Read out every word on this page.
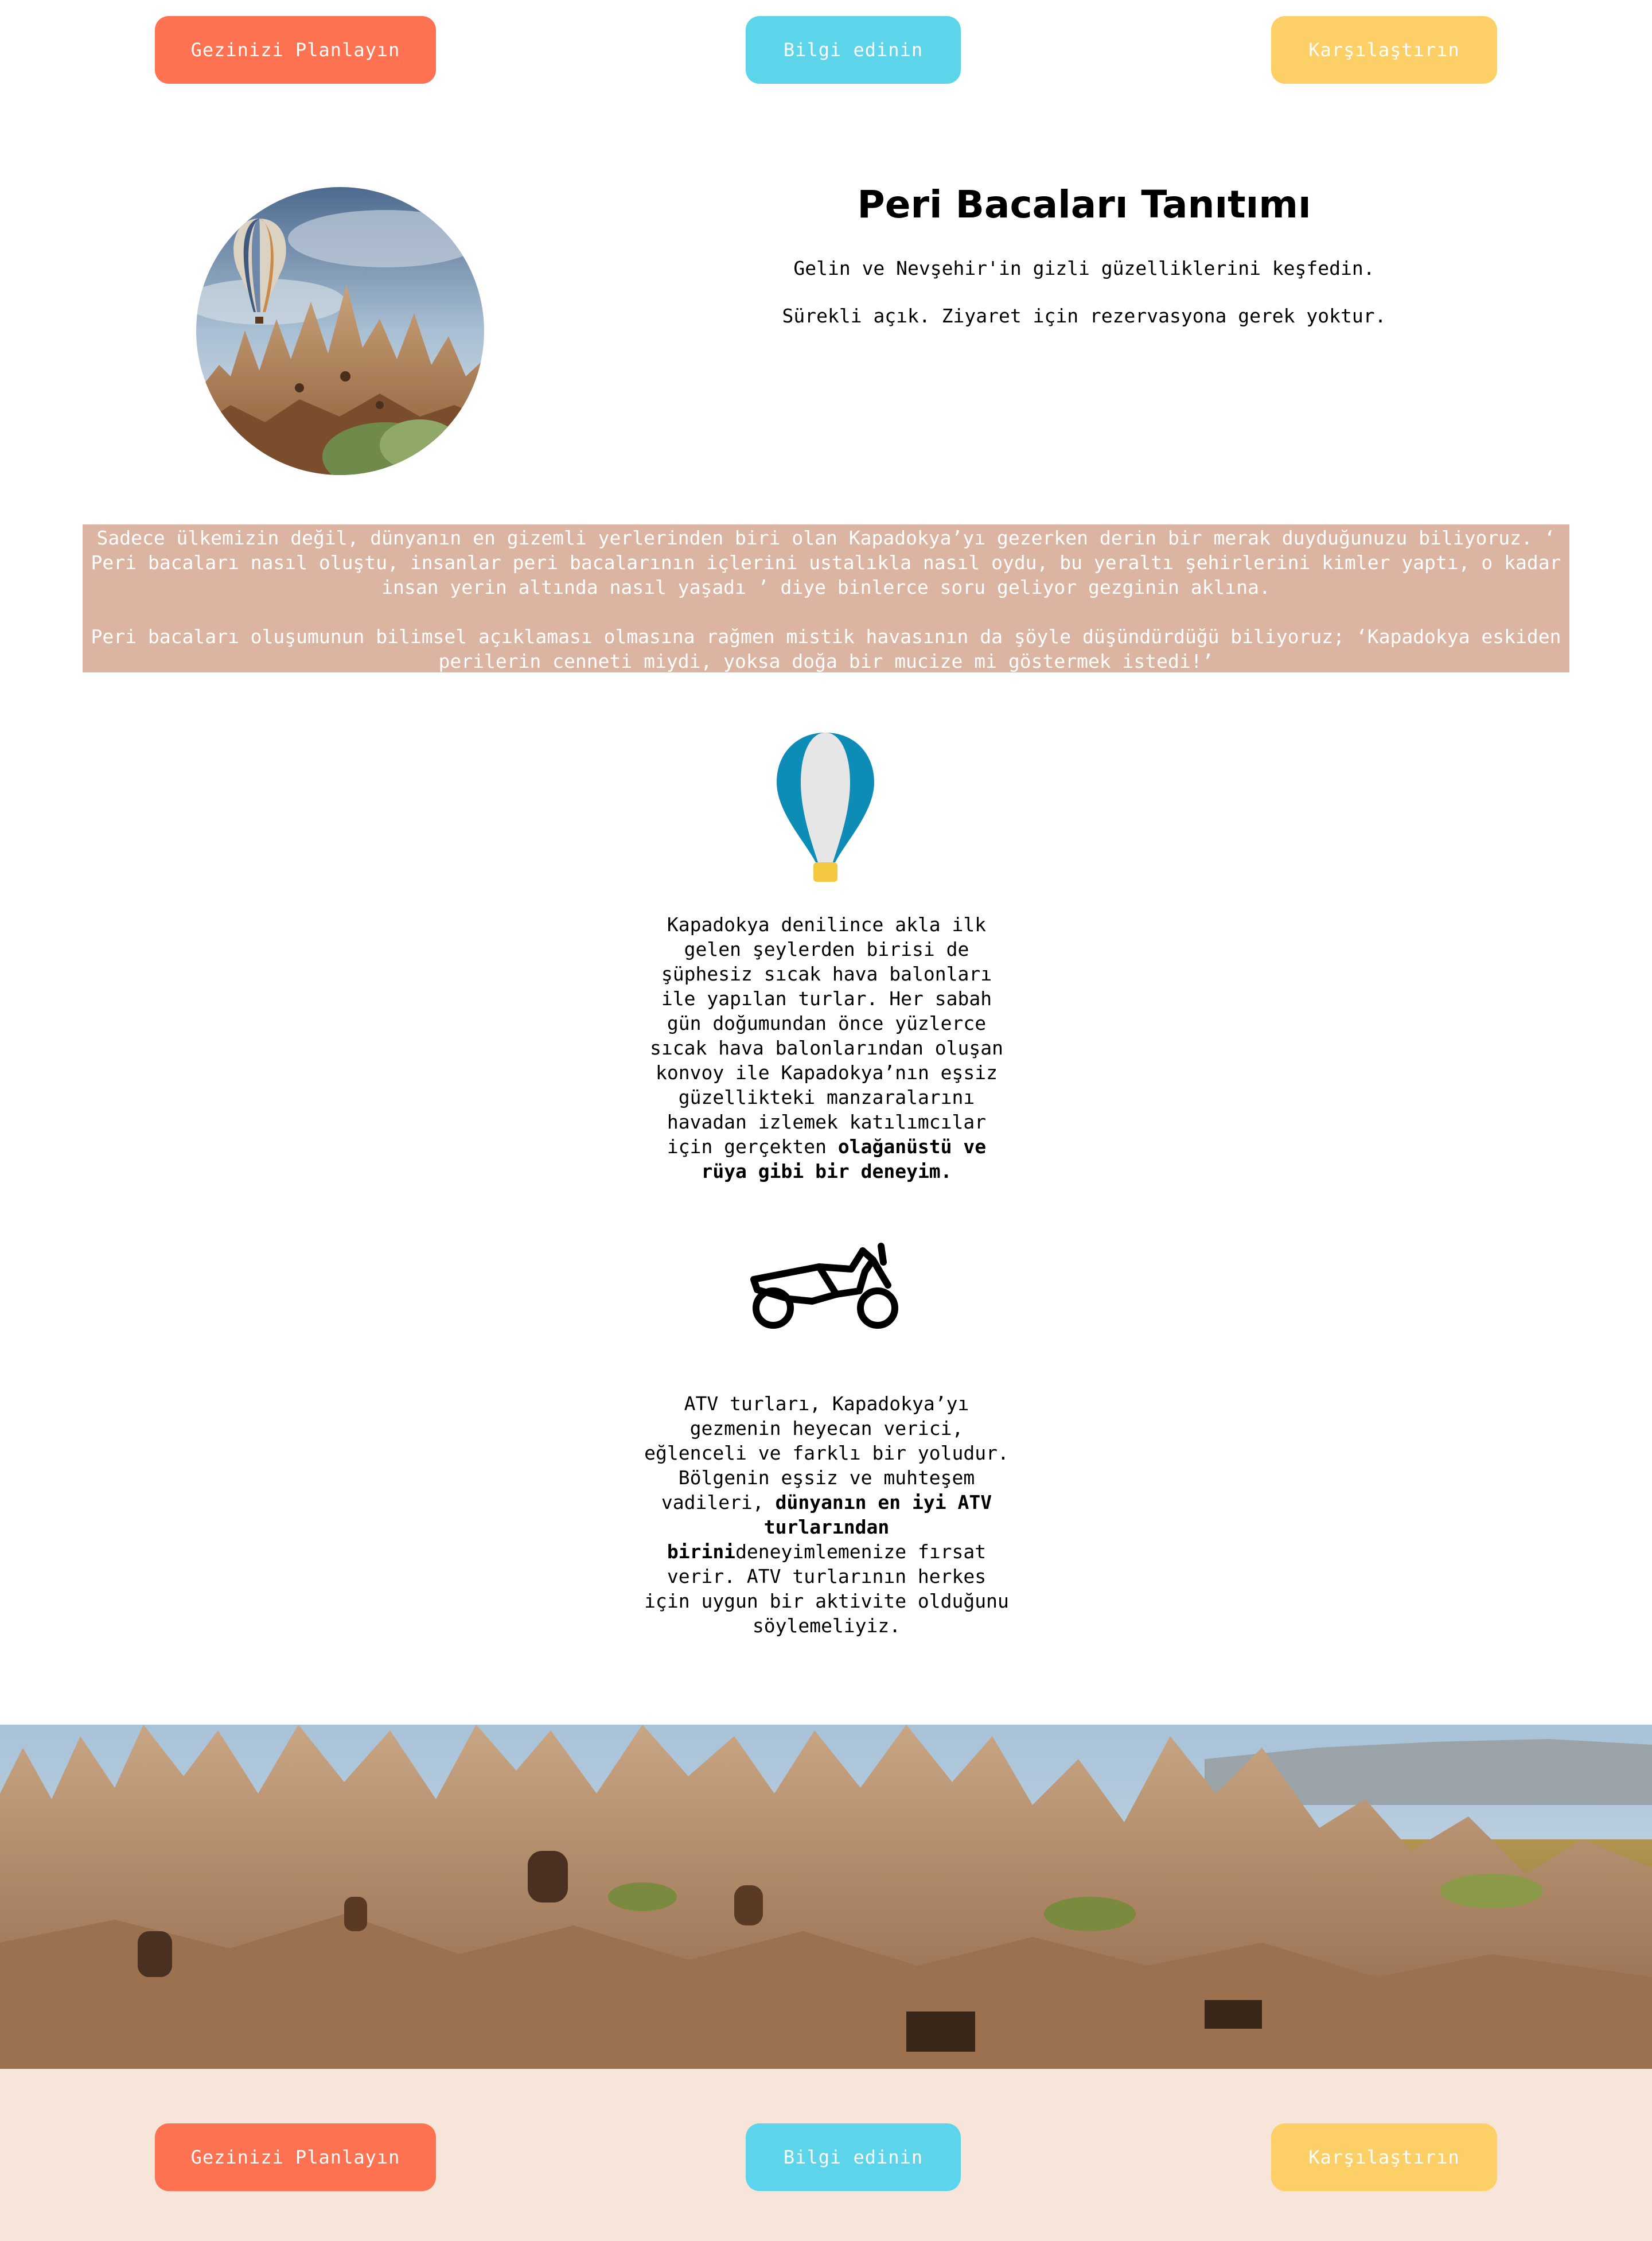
Gezinizi Planlayın	Bilgi edinin	Karşılaştırın
Peri Bacaları Tanıtımı
Gelin ve Nevşehir'in gizli güzelliklerini keşfedin.
Sürekli açık. Ziyaret için rezervasyona gerek yoktur.

Sadece ülkemizin değil, dünyanın en gizemli yerlerinden biri olan Kapadokya’yı gezerken derin bir merak duyduğunuzu biliyoruz. ‘ Peri bacaları nasıl oluştu, insanlar peri bacalarının içlerini ustalıkla nasıl oydu, bu yeraltı şehirlerini kimler yaptı, o kadar insan yerin altında nasıl yaşadı ’ diye binlerce soru geliyor gezginin aklına.

Peri bacaları oluşumunun bilimsel açıklaması olmasına rağmen mistik havasının da şöyle düşündürdüğü biliyoruz; ‘Kapadokya eskiden perilerin cenneti miydi, yoksa doğa bir mucize mi göstermek istedi!’

Kapadokya denilince akla ilk gelen şeylerden birisi de şüphesiz sıcak hava balonları ile yapılan turlar. Her sabah gün doğumundan önce yüzlerce sıcak hava balonlarından oluşan konvoy ile Kapadokya’nın eşsiz güzellikteki manzaralarını havadan izlemek katılımcılar için gerçekten olağanüstü ve rüya gibi bir deneyim.
ATV turları, Kapadokya’yı gezmenin heyecan verici, eğlenceli ve farklı bir yoludur. Bölgenin eşsiz ve muhteşem vadileri, dünyanın en iyi ATV turlarından birinideneyimlemenize fırsat verir. ATV turlarının herkes için uygun bir aktivite olduğunu söylemeliyiz.
Gezinizi Planlayın	Bilgi edinin	Karşılaştırın
